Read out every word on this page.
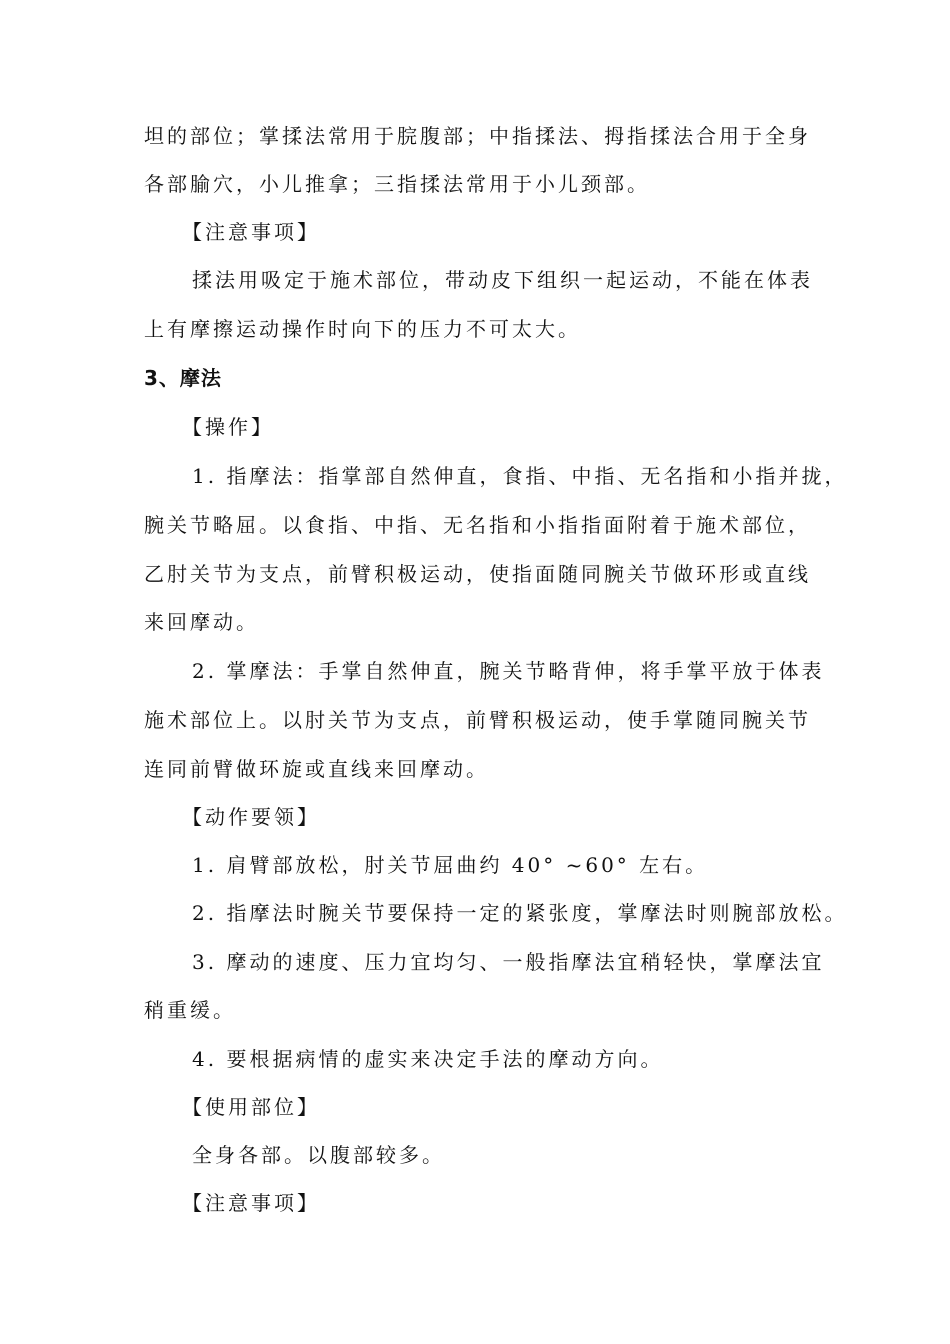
坦的部位；掌揉法常用于脘腹部；中指揉法、拇指揉法合用于全身
各部腧穴，小儿推拿；三指揉法常用于小儿颈部。
【注意事项】
揉法用吸定于施术部位，带动皮下组织一起运动，不能在体表
上有摩擦运动操作时向下的压力不可太大。
3、摩法
【操作】
1. 指摩法：指掌部自然伸直，食指、中指、无名指和小指并拢，
腕关节略屈。以食指、中指、无名指和小指指面附着于施术部位，
乙肘关节为支点，前臂积极运动，使指面随同腕关节做环形或直线
来回摩动。
2. 掌摩法：手掌自然伸直，腕关节略背伸，将手掌平放于体表
施术部位上。以肘关节为支点，前臂积极运动，使手掌随同腕关节
连同前臂做环旋或直线来回摩动。
【动作要领】
1. 肩臂部放松，肘关节屈曲约 40° ~60° 左右。
2. 指摩法时腕关节要保持一定的紧张度，掌摩法时则腕部放松。
3. 摩动的速度、压力宜均匀、一般指摩法宜稍轻快，掌摩法宜
稍重缓。
4. 要根据病情的虚实来决定手法的摩动方向。
【使用部位】
全身各部。以腹部较多。
【注意事项】
